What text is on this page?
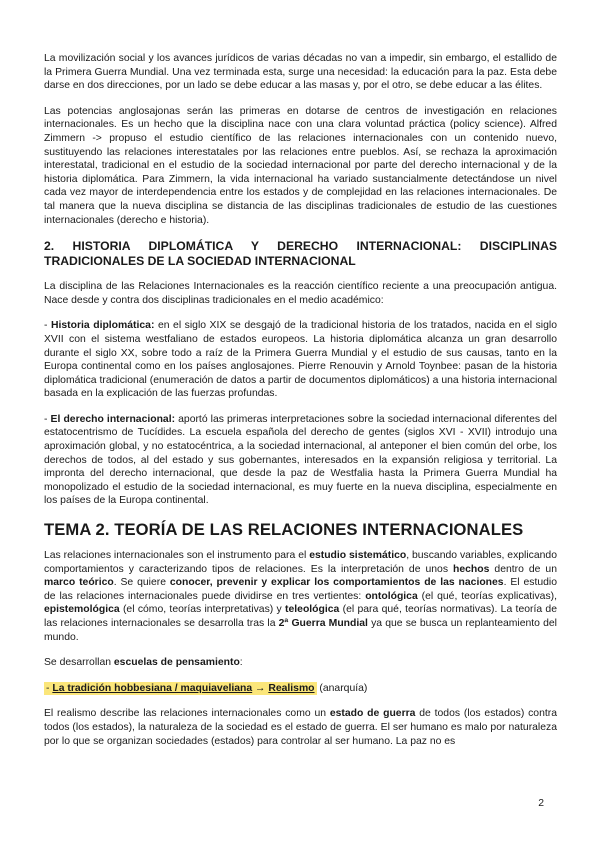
La movilización social y los avances jurídicos de varias décadas no van a impedir, sin embargo, el estallido de la Primera Guerra Mundial. Una vez terminada esta, surge una necesidad: la educación para la paz. Esta debe darse en dos direcciones, por un lado se debe educar a las masas y, por el otro, se debe educar a las élites.

Las potencias anglosajonas serán las primeras en dotarse de centros de investigación en relaciones internacionales. Es un hecho que la disciplina nace con una clara voluntad práctica (policy science). Alfred Zimmern -> propuso el estudio científico de las relaciones internacionales con un contenido nuevo, sustituyendo las relaciones interestatales por las relaciones entre pueblos. Así, se rechaza la aproximación interestatal, tradicional en el estudio de la sociedad internacional por parte del derecho internacional y de la historia diplomática. Para Zimmern, la vida internacional ha variado sustancialmente detectándose un nivel cada vez mayor de interdependencia entre los estados y de complejidad en las relaciones internacionales. De tal manera que la nueva disciplina se distancia de las disciplinas tradicionales de estudio de las cuestiones internacionales (derecho e historia).

2. HISTORIA DIPLOMÁTICA Y DERECHO INTERNACIONAL: DISCIPLINAS TRADICIONALES DE LA SOCIEDAD INTERNACIONAL

La disciplina de las Relaciones Internacionales es la reacción científico reciente a una preocupación antigua. Nace desde y contra dos disciplinas tradicionales en el medio académico:

- Historia diplomática: en el siglo XIX se desgajó de la tradicional historia de los tratados, nacida en el siglo XVII con el sistema westfaliano de estados europeos. La historia diplomática alcanza un gran desarrollo durante el siglo XX, sobre todo a raíz de la Primera Guerra Mundial y el estudio de sus causas, tanto en la Europa continental como en los países anglosajones. Pierre Renouvin y Arnold Toynbee: pasan de la historia diplomática tradicional (enumeración de datos a partir de documentos diplomáticos) a una historia internacional basada en la explicación de las fuerzas profundas.

- El derecho internacional: aportó las primeras interpretaciones sobre la sociedad internacional diferentes del estatocentrismo de Tucídides. La escuela española del derecho de gentes (siglos XVI - XVII) introdujo una aproximación global, y no estatocéntrica, a la sociedad internacional, al anteponer el bien común del orbe, los derechos de todos, al del estado y sus gobernantes, interesados en la expansión religiosa y territorial. La impronta del derecho internacional, que desde la paz de Westfalia hasta la Primera Guerra Mundial ha monopolizado el estudio de la sociedad internacional, es muy fuerte en la nueva disciplina, especialmente en los países de la Europa continental.

TEMA 2. TEORÍA DE LAS RELACIONES INTERNACIONALES

Las relaciones internacionales son el instrumento para el estudio sistemático, buscando variables, explicando comportamientos y caracterizando tipos de relaciones. Es la interpretación de unos hechos dentro de un marco teórico. Se quiere conocer, prevenir y explicar los comportamientos de las naciones. El estudio de las relaciones internacionales puede dividirse en tres vertientes: ontológica (el qué, teorías explicativas), epistemológica (el cómo, teorías interpretativas) y teleológica (el para qué, teorías normativas). La teoría de las relaciones internacionales se desarrolla tras la 2ª Guerra Mundial ya que se busca un replanteamiento del mundo.

Se desarrollan escuelas de pensamiento:

- La tradición hobbesiana / maquiaveliana → Realismo (anarquía)

El realismo describe las relaciones internacionales como un estado de guerra de todos (los estados) contra todos (los estados), la naturaleza de la sociedad es el estado de guerra. El ser humano es malo por naturaleza por lo que se organizan sociedades (estados) para controlar al ser humano. La paz no es

2
